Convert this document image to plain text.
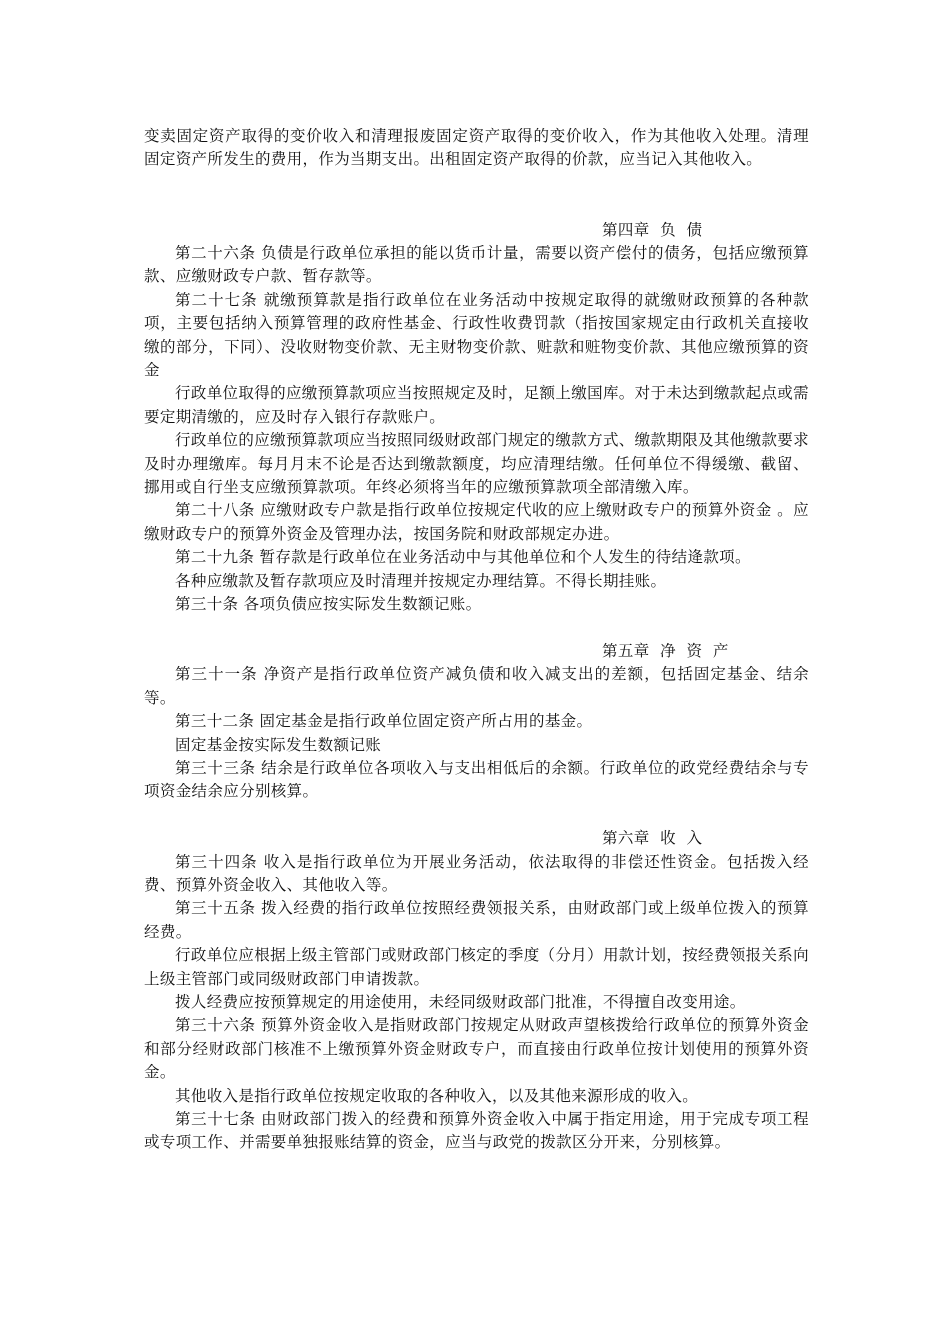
变卖固定资产取得的变价收入和清理报废固定资产取得的变价收入，作为其他收入处理。清理固定资产所发生的费用，作为当期支出。出租固定资产取得的价款，应当记入其他收入。

第四章  负  债

第二十六条 负债是行政单位承担的能以货币计量，需要以资产偿付的债务，包括应缴预算款、应缴财政专户款、暂存款等。

第二十七条 就缴预算款是指行政单位在业务活动中按规定取得的就缴财政预算的各种款项，主要包括纳入预算管理的政府性基金、行政性收费罚款（指按国家规定由行政机关直接收缴的部分，下同）、没收财物变价款、无主财物变价款、赃款和赃物变价款、其他应缴预算的资金

行政单位取得的应缴预算款项应当按照规定及时，足额上缴国库。对于未达到缴款起点或需要定期清缴的，应及时存入银行存款账户。

行政单位的应缴预算款项应当按照同级财政部门规定的缴款方式、缴款期限及其他缴款要求及时办理缴库。每月月末不论是否达到缴款额度，均应清理结缴。任何单位不得缓缴、截留、挪用或自行坐支应缴预算款项。年终必须将当年的应缴预算款项全部清缴入库。

第二十八条 应缴财政专户款是指行政单位按规定代收的应上缴财政专户的预算外资金 。应缴财政专户的预算外资金及管理办法，按国务院和财政部规定办进。

第二十九条 暂存款是行政单位在业务活动中与其他单位和个人发生的待结逄款项。

各种应缴款及暂存款项应及时清理并按规定办理结算。不得长期挂账。

第三十条 各项负债应按实际发生数额记账。

第五章  净  资  产

第三十一条 净资产是指行政单位资产减负债和收入减支出的差额，包括固定基金、结余等。

第三十二条 固定基金是指行政单位固定资产所占用的基金。

固定基金按实际发生数额记账

第三十三条 结余是行政单位各项收入与支出相低后的余额。行政单位的政党经费结余与专项资金结余应分别核算。

第六章  收  入

第三十四条 收入是指行政单位为开展业务活动，依法取得的非偿还性资金。包括拨入经费、预算外资金收入、其他收入等。

第三十五条 拨入经费的指行政单位按照经费领报关系，由财政部门或上级单位拨入的预算经费。

行政单位应根据上级主管部门或财政部门核定的季度（分月）用款计划，按经费领报关系向上级主管部门或同级财政部门申请拨款。

拨人经费应按预算规定的用途使用，未经同级财政部门批准，不得擅自改变用途。

第三十六条 预算外资金收入是指财政部门按规定从财政声望核拨给行政单位的预算外资金和部分经财政部门核准不上缴预算外资金财政专户，而直接由行政单位按计划使用的预算外资金。

其他收入是指行政单位按规定收取的各种收入，以及其他来源形成的收入。

第三十七条 由财政部门拨入的经费和预算外资金收入中属于指定用途，用于完成专项工程或专项工作、并需要单独报账结算的资金，应当与政党的拨款区分开来，分别核算。
